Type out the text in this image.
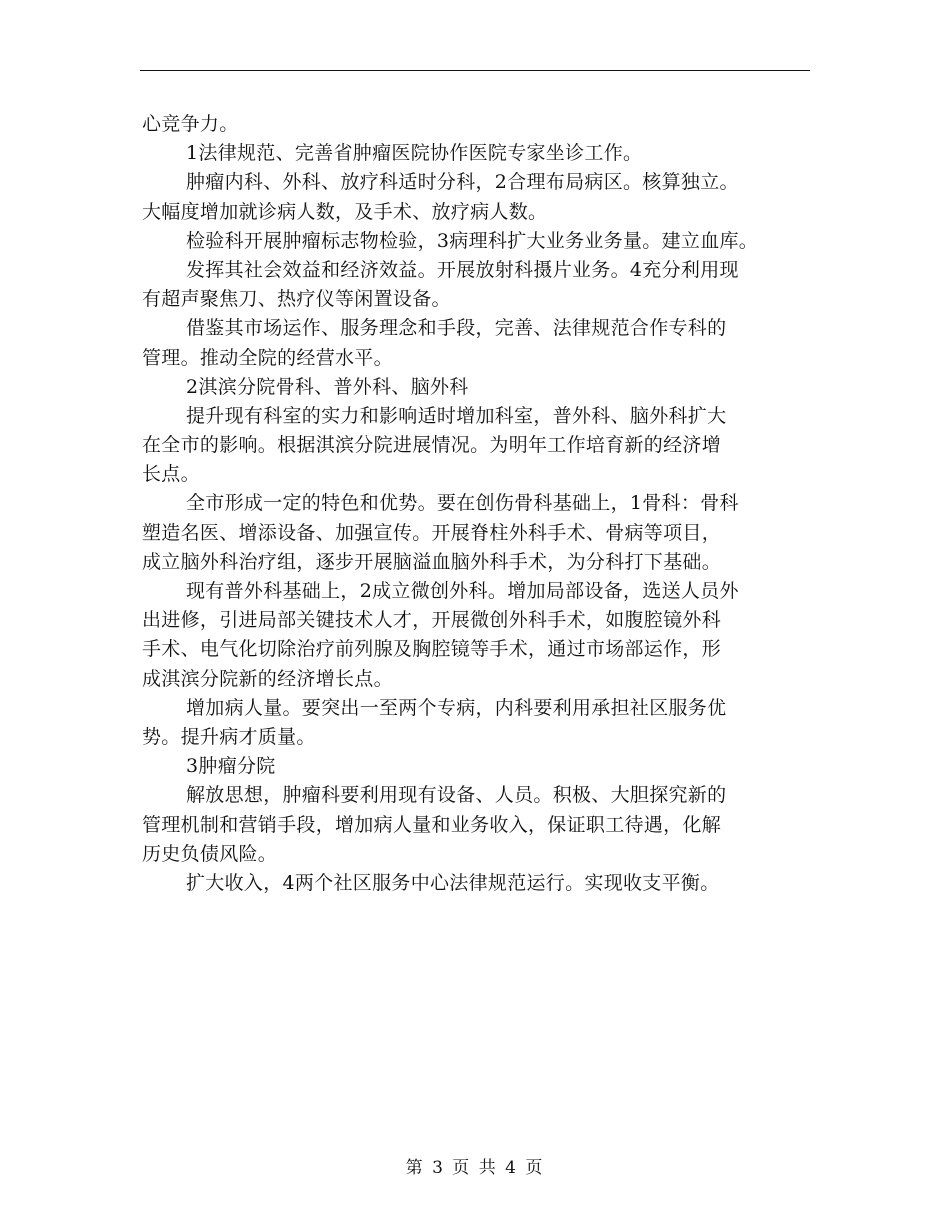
心竞争力。
1法律规范、完善省肿瘤医院协作医院专家坐诊工作。
肿瘤内科、外科、放疗科适时分科，2合理布局病区。核算独立。
大幅度增加就诊病人数，及手术、放疗病人数。
检验科开展肿瘤标志物检验，3病理科扩大业务业务量。建立血库。
发挥其社会效益和经济效益。开展放射科摄片业务。4充分利用现
有超声聚焦刀、热疗仪等闲置设备。
借鉴其市场运作、服务理念和手段，完善、法律规范合作专科的
管理。推动全院的经营水平。
2淇滨分院骨科、普外科、脑外科
提升现有科室的实力和影响适时增加科室，普外科、脑外科扩大
在全市的影响。根据淇滨分院进展情况。为明年工作培育新的经济增
长点。
全市形成一定的特色和优势。要在创伤骨科基础上，1骨科：骨科
塑造名医、增添设备、加强宣传。开展脊柱外科手术、骨病等项目，
成立脑外科治疗组，逐步开展脑溢血脑外科手术，为分科打下基础。
现有普外科基础上，2成立微创外科。增加局部设备，选送人员外
出进修，引进局部关键技术人才，开展微创外科手术，如腹腔镜外科
手术、电气化切除治疗前列腺及胸腔镜等手术，通过市场部运作，形
成淇滨分院新的经济增长点。
增加病人量。要突出一至两个专病，内科要利用承担社区服务优
势。提升病才质量。
3肿瘤分院
解放思想，肿瘤科要利用现有设备、人员。积极、大胆探究新的
管理机制和营销手段，增加病人量和业务收入，保证职工待遇，化解
历史负债风险。
扩大收入，4两个社区服务中心法律规范运行。实现收支平衡。
第 3 页 共 4 页
